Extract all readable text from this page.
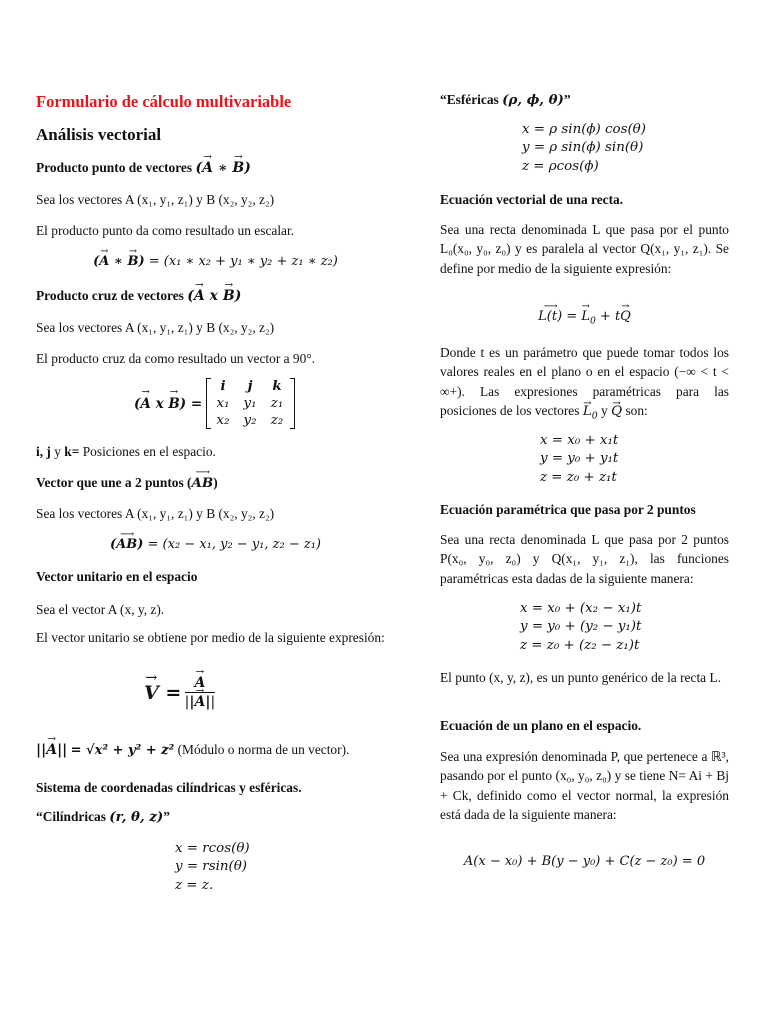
Formulario de cálculo multivariable
Análisis vectorial
Producto punto de vectores (→ A ∗ → B)
Sea los vectores A (x₁, y₁, z₁) y B (x₂, y₂, z₂)
El producto punto da como resultado un escalar.
(→ A ∗ → B) = (x₁ ∗ x₂ + y₁ ∗ y₂ + z₁ ∗ z₂)
Producto cruz de vectores (→ A x → B)
Sea los vectores A (x₁, y₁, z₁) y B (x₂, y₂, z₂)
El producto cruz da como resultado un vector a 90°.
(→ A x → B) =
i	j	k
x₁	y₁	z₁
x₂	y₂	z₂
i, j y k= Posiciones en el espacio.
Vector que une a 2 puntos (⟶ AB)
Sea los vectores A (x₁, y₁, z₁) y B (x₂, y₂, z₂)
(⟶ AB) = (x₂ − x₁, y₂ − y₁, z₂ − z₁)
Vector unitario en el espacio
Sea el vector A (x, y, z).
El vector unitario se obtiene por medio de la siguiente expresión:
→ V = → $\frac{A}{||\to A||}$
||→ A|| = √x² + y² + z² (Módulo o norma de un vector).
Sistema de coordenadas cilíndricas y esféricas.
“Cilíndricas (r, θ, z)”
x = rcos(θ)
y = rsin(θ)
z = z.
“Esféricas (ρ, ϕ, θ)”
x = ρ sin(ϕ) cos(θ)
y = ρ sin(ϕ) sin(θ)
z = ρcos(ϕ)
Ecuación vectorial de una recta.
Sea una recta denominada L que pasa por el punto L₀(x₀, y₀, z₀) y es paralela al vector Q(x₁, y₁, z₁). Se define por medio de la siguiente expresión:
⟶ L(t) = → $L_0 + t\to Q$
Donde t es un parámetro que puede tomar todos los valores reales en el plano o en el espacio (−∞ < t < ∞+). Las expresiones paramétricas para las posiciones de los vectores → $L_0$ y → Q son:
x = x₀ + x₁t
y = y₀ + y₁t
z = z₀ + z₁t
Ecuación paramétrica que pasa por 2 puntos
Sea una recta denominada L que pasa por 2 puntos P(x₀, y₀, z₀) y Q(x₁, y₁, z₁), las funciones paramétricas esta dadas de la siguiente manera:
x = x₀ + (x₂ − x₁)t
y = y₀ + (y₂ − y₁)t
z = z₀ + (z₂ − z₁)t
El punto (x, y, z), es un punto genérico de la recta L.
Ecuación de un plano en el espacio.
Sea una expresión denominada P, que pertenece a ℝ³, pasando por el punto (x₀, y₀, z₀) y se tiene N= Ai + Bj + Ck, definido como el vector normal, la expresión está dada de la siguiente manera:
A(x − x₀) + B(y − y₀) + C(z − z₀) = 0
